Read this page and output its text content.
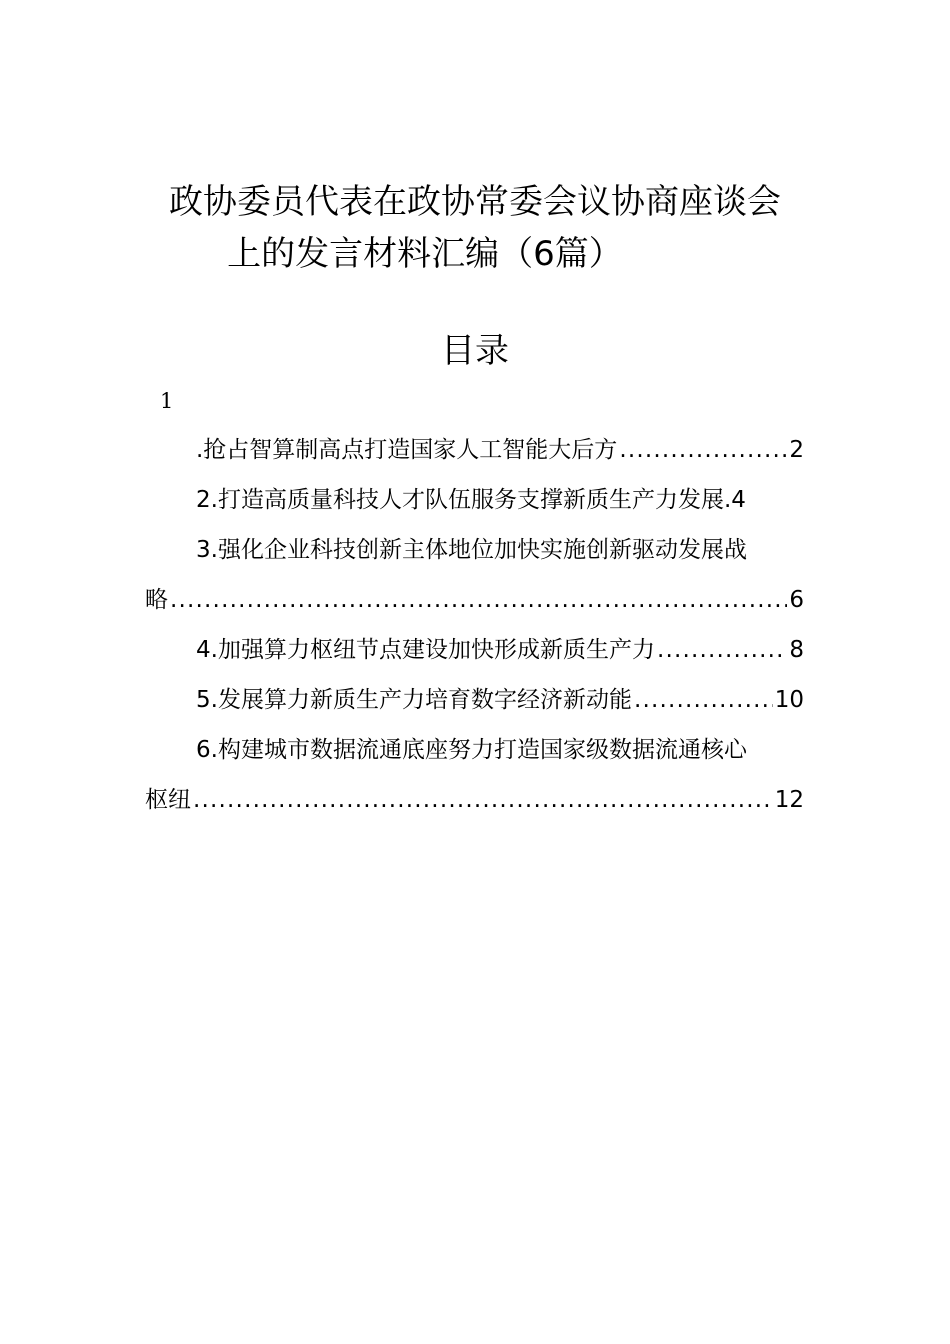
政协委员代表在政协常委会议协商座谈会
上的发言材料汇编（6篇）
目录
1
.抢占智算制高点打造国家人工智能大后方 .....	2
2.打造高质量科技人才队伍服务支撑新质生产力发展.4
3.强化企业科技创新主体地位加快实施创新驱动发展战
略 .....	6
4.加强算力枢纽节点建设加快形成新质生产力 .....	8
5.发展算力新质生产力培育数字经济新动能 .....	10
6.构建城市数据流通底座努力打造国家级数据流通核心
枢纽 .....	12
